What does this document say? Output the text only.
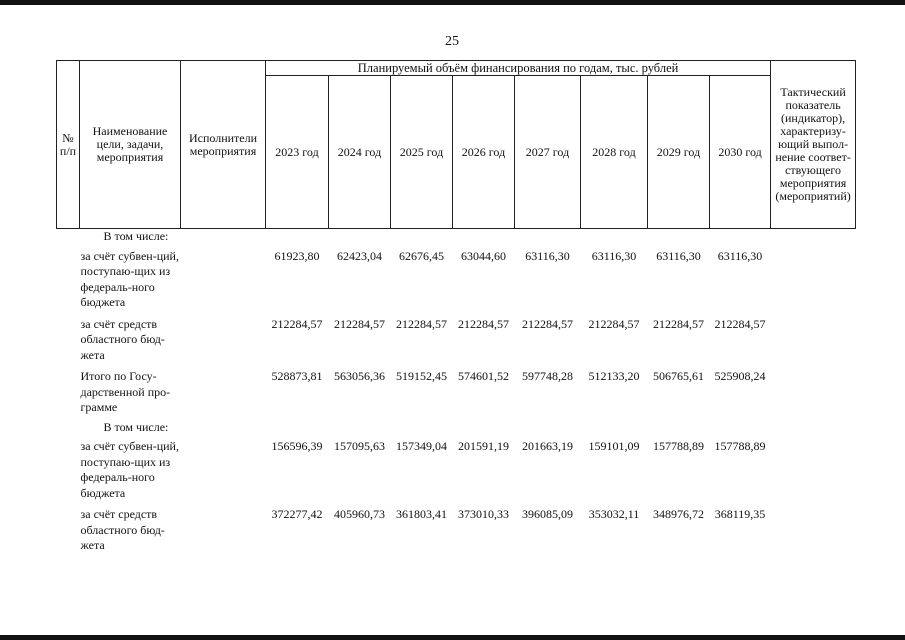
25
№ п/п	Наименование цели, задачи, мероприятия	Исполнители мероприятия	Планируемый объём финансирования по годам, тыс. рублей								Тактический показатель (индикатор), характеризу-ющий выпол-нение соответ-ствующего мероприятия (мероприятий)
			2023 год	2024 год	2025 год	2026 год	2027 год	2028 год	2029 год	2030 год	
	В том числе:										
	за счёт субвен-ций, поступаю-щих из федераль-ного бюджета		61923,80	62423,04	62676,45	63044,60	63116,30	63116,30	63116,30	63116,30	
	за счёт средств областного бюд-жета		212284,57	212284,57	212284,57	212284,57	212284,57	212284,57	212284,57	212284,57	
	Итого по Госу-дарственной про-грамме		528873,81	563056,36	519152,45	574601,52	597748,28	512133,20	506765,61	525908,24	
	В том числе:										
	за счёт субвен-ций, поступаю-щих из федераль-ного бюджета		156596,39	157095,63	157349,04	201591,19	201663,19	159101,09	157788,89	157788,89	
	за счёт средств областного бюд-жета		372277,42	405960,73	361803,41	373010,33	396085,09	353032,11	348976,72	368119,35	
